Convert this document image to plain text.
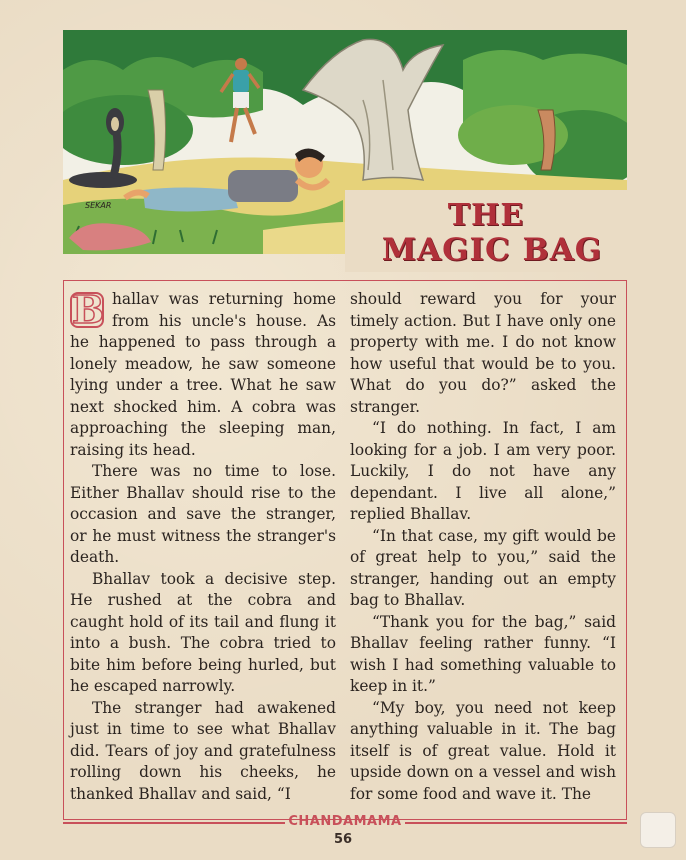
SEKAR	THE
MAGIC BAG

B hallav was returning home from his uncle's house. As he happened to pass through a lonely meadow, he saw someone lying under a tree. What he saw next shocked him. A cobra was approaching the sleeping man, raising its head.

There was no time to lose. Either Bhallav should rise to the occasion and save the stranger, or he must witness the stranger's death.

Bhallav took a decisive step. He rushed at the cobra and caught hold of its tail and flung it into a bush. The cobra tried to bite him before being hurled, but he escaped narrowly.

The stranger had awakened just in time to see what Bhallav did. Tears of joy and gratefulness rolling down his cheeks, he thanked Bhallav and said, “I

should reward you for your timely action. But I have only one property with me. I do not know how useful that would be to you. What do you do?” asked the stranger.

“I do nothing. In fact, I am looking for a job. I am very poor. Luckily, I do not have any dependant. I live all alone,” replied Bhallav.

“In that case, my gift would be of great help to you,” said the stranger, handing out an empty bag to Bhallav.

“Thank you for the bag,” said Bhallav feeling rather funny. “I wish I had something valuable to keep in it.”

“My boy, you need not keep anything valuable in it. The bag itself is of great value. Hold it upside down on a vessel and wish for some food and wave it. The

CHANDAMAMA
56
